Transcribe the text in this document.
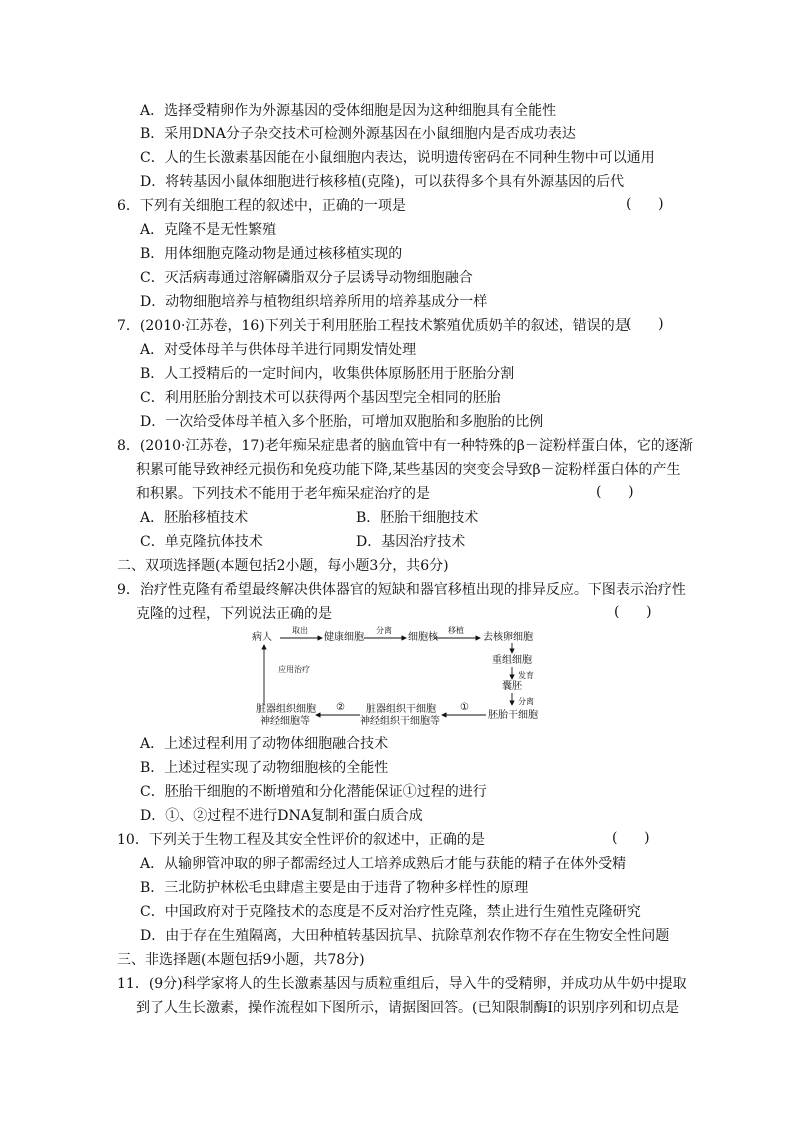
A．选择受精卵作为外源基因的受体细胞是因为这种细胞具有全能性
B．采用DNA分子杂交技术可检测外源基因在小鼠细胞内是否成功表达
C．人的生长激素基因能在小鼠细胞内表达，说明遗传密码在不同种生物中可以通用
D．将转基因小鼠体细胞进行核移植(克隆)，可以获得多个具有外源基因的后代
6．下列有关细胞工程的叙述中，正确的一项是	(      )
A．克隆不是无性繁殖
B．用体细胞克隆动物是通过核移植实现的
C．灭活病毒通过溶解磷脂双分子层诱导动物细胞融合
D．动物细胞培养与植物组织培养所用的培养基成分一样
7．(2010·江苏卷，16)下列关于利用胚胎工程技术繁殖优质奶羊的叙述，错误的是
(      )
A．对受体母羊与供体母羊进行同期发情处理
B．人工授精后的一定时间内，收集供体原肠胚用于胚胎分割
C．利用胚胎分割技术可以获得两个基因型完全相同的胚胎
D．一次给受体母羊植入多个胚胎，可增加双胞胎和多胞胎的比例
8．(2010·江苏卷，17)老年痴呆症患者的脑血管中有一种特殊的β－淀粉样蛋白体，它的逐渐
积累可能导致神经元损伤和免疫功能下降,某些基因的突变会导致β－淀粉样蛋白体的产生
和积累。下列技术不能用于老年痴呆症治疗的是	(      )
A．胚胎移植技术	B．胚胎干细胞技术
C．单克隆抗体技术	D．基因治疗技术
二、双项选择题(本题包括2小题，每小题3分，共6分)
9．治疗性克隆有希望最终解决供体器官的短缺和器官移植出现的排异反应。下图表示治疗性
克隆的过程，下列说法正确的是	(      )
病人	健康细胞	细胞核	去核卵细胞
重组细胞
囊胚
胚胎干细胞
脏器组织干细胞
神经组织干细胞等
脏器组织细胞
神经细胞等
取出	分离	移植
发育
分离
①
②
应用治疗
A．上述过程利用了动物体细胞融合技术
B．上述过程实现了动物细胞核的全能性
C．胚胎干细胞的不断增殖和分化潜能保证①过程的进行
D．①、②过程不进行DNA复制和蛋白质合成
10．下列关于生物工程及其安全性评价的叙述中，正确的是	(      )
A．从输卵管冲取的卵子都需经过人工培养成熟后才能与获能的精子在体外受精
B．三北防护林松毛虫肆虐主要是由于违背了物种多样性的原理
C．中国政府对于克隆技术的态度是不反对治疗性克隆，禁止进行生殖性克隆研究
D．由于存在生殖隔离，大田种植转基因抗旱、抗除草剂农作物不存在生物安全性问题
三、非选择题(本题包括9小题，共78分)
11．(9分)科学家将人的生长激素基因与质粒重组后，导入牛的受精卵，并成功从牛奶中提取
到了人生长激素，操作流程如下图所示，请据图回答。(已知限制酶Ⅰ的识别序列和切点是
